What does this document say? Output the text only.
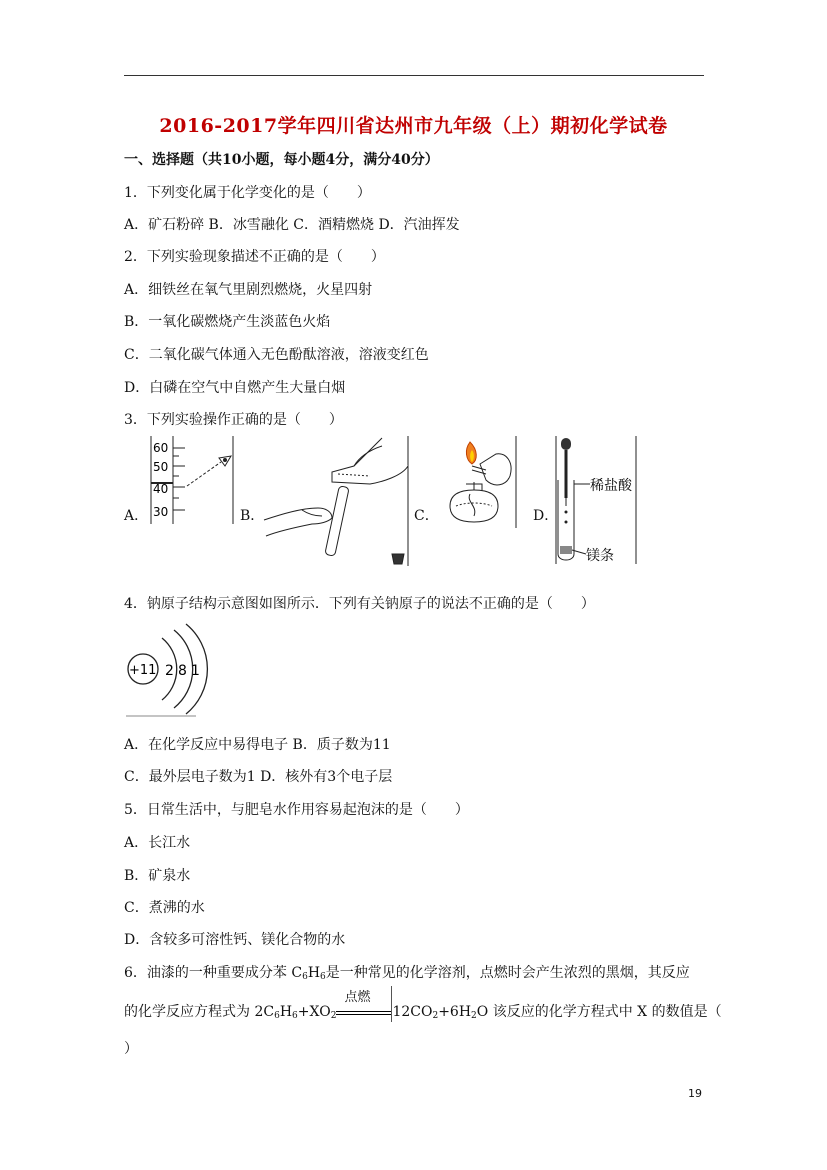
2016-2017学年四川省达州市九年级（上）期初化学试卷
一、选择题（共10小题，每小题4分，满分40分）
1．下列变化属于化学变化的是（　　）
A．矿石粉碎 B．冰雪融化 C．酒精燃烧 D．汽油挥发
2．下列实验现象描述不正确的是（　　）
A．细铁丝在氧气里剧烈燃烧，火星四射
B．一氧化碳燃烧产生淡蓝色火焰
C．二氧化碳气体通入无色酚酞溶液，溶液变红色
D．白磷在空气中自燃产生大量白烟
3．下列实验操作正确的是（　　）
A．
60
50
40
30	B．	C．	D．
稀盐酸
镁条
4．钠原子结构示意图如图所示．下列有关钠原子的说法不正确的是（　　）
+11 2 8 1
A．在化学反应中易得电子 B．质子数为11
C．最外层电子数为1 D．核外有3个电子层
5．日常生活中，与肥皂水作用容易起泡沫的是（　　）
A．长江水
B．矿泉水
C．煮沸的水
D．含较多可溶性钙、镁化合物的水
6．油漆的一种重要成分苯 $C_6H_6$是一种常见的化学溶剂，点燃时会产生浓烈的黑烟，其反应
的化学反应方程式为 $2C_6H_6+XO_2$
点燃
$12CO_2+6H_2O$ 该反应的化学方程式中 X 的数值是（
）
19
